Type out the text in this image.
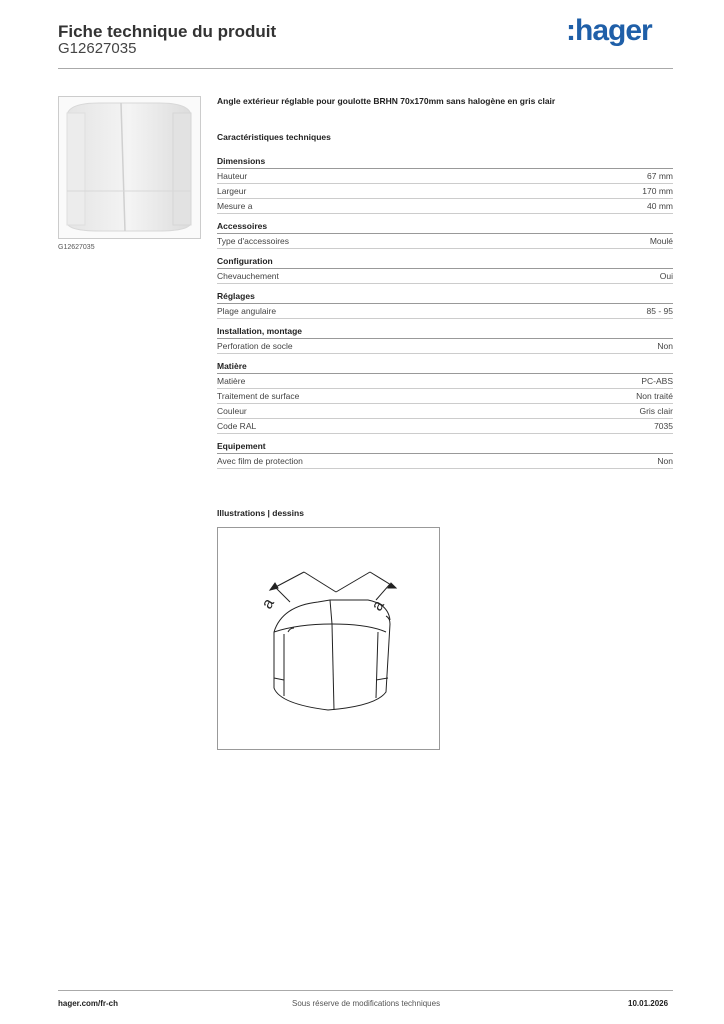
Fiche technique du produit
G12627035
:hager
G12627035
Angle extérieur réglable pour goulotte BRHN 70x170mm sans halogène en gris clair
Caractéristiques techniques
Dimensions
Hauteur	67 mm
Largeur	170 mm
Mesure a	40 mm
Accessoires
Type d'accessoires	Moulé
Configuration
Chevauchement	Oui
Réglages
Plage angulaire	85 - 95
Installation, montage
Perforation de socle	Non
Matière
Matière	PC-ABS
Traitement de surface	Non traité
Couleur	Gris clair
Code RAL	7035
Equipement
Avec film de protection	Non
Illustrations | dessins
a	a
hager.com/fr-ch	Sous réserve de modifications techniques	10.01.2026
